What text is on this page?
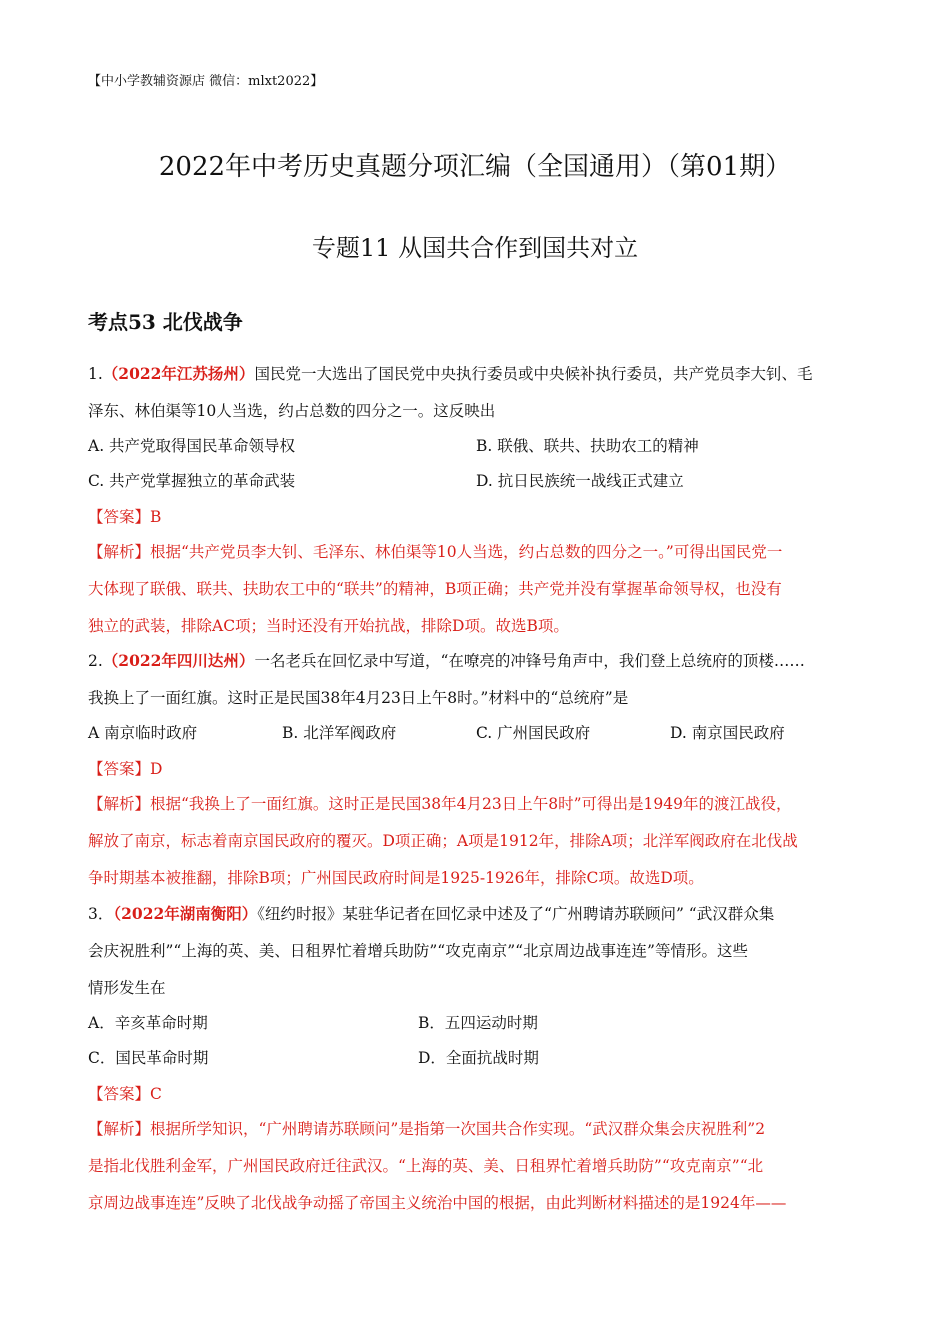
【中小学教辅资源店 微信：mlxt2022】
2022年中考历史真题分项汇编（全国通用）（第01期）
专题11 从国共合作到国共对立
考点53 北伐战争
1.（2022年江苏扬州）国民党一大选出了国民党中央执行委员或中央候补执行委员，共产党员李大钊、毛
泽东、林伯渠等10人当选，约占总数的四分之一。这反映出
A. 共产党取得国民革命领导权	B. 联俄、联共、扶助农工的精神
C. 共产党掌握独立的革命武装	D. 抗日民族统一战线正式建立
【答案】B
【解析】根据“共产党员李大钊、毛泽东、林伯渠等10人当选，约占总数的四分之一。”可得出国民党一
大体现了联俄、联共、扶助农工中的“联共”的精神，B项正确；共产党并没有掌握革命领导权，也没有
独立的武装，排除AC项；当时还没有开始抗战，排除D项。故选B项。
2.（2022年四川达州）一名老兵在回忆录中写道，“在嘹亮的冲锋号角声中，我们登上总统府的顶楼……
我换上了一面红旗。这时正是民国38年4月23日上午8时。”材料中的“总统府”是
A 南京临时政府	B. 北洋军阀政府	C. 广州国民政府	D. 南京国民政府
【答案】D
【解析】根据“我换上了一面红旗。这时正是民国38年4月23日上午8时”可得出是1949年的渡江战役，
解放了南京，标志着南京国民政府的覆灭。D项正确；A项是1912年，排除A项；北洋军阀政府在北伐战
争时期基本被推翻，排除B项；广州国民政府时间是1925-1926年，排除C项。故选D项。
3．（2022年湖南衡阳）《纽约时报》某驻华记者在回忆录中述及了“广州聘请苏联顾问” “武汉群众集
会庆祝胜利”“上海的英、美、日租界忙着增兵助防”“攻克南京”“北京周边战事连连”等情形。这些
情形发生在
A．辛亥革命时期	B．五四运动时期
C．国民革命时期	D．全面抗战时期
【答案】C
【解析】根据所学知识，“广州聘请苏联顾问”是指第一次国共合作实现。“武汉群众集会庆祝胜利”2
是指北伐胜利金军，广州国民政府迁往武汉。“上海的英、美、日租界忙着增兵助防”“攻克南京”“北
京周边战事连连”反映了北伐战争动摇了帝国主义统治中国的根据，由此判断材料描述的是1924年——
